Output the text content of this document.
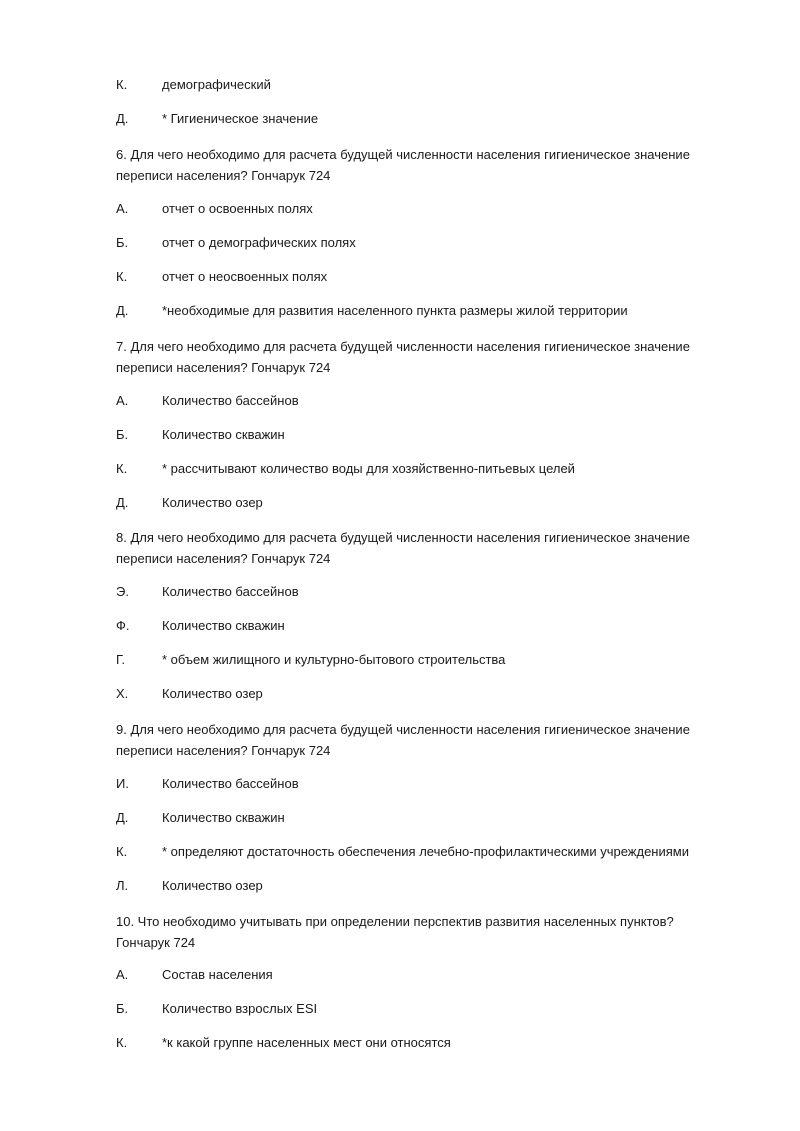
К.	демографический
Д.	* Гигиеническое значение
6. Для чего необходимо для расчета будущей численности населения гигиеническое значение переписи населения? Гончарук 724
А.	отчет о освоенных полях
Б.	отчет о демографических полях
К.	отчет о неосвоенных полях
Д.	*необходимые для развития населенного пункта размеры жилой территории
7. Для чего необходимо для расчета будущей численности населения гигиеническое значение переписи населения? Гончарук 724
А.	Количество бассейнов
Б.	Количество скважин
К.	* рассчитывают количество воды для хозяйственно-питьевых целей
Д.	Количество озер
8. Для чего необходимо для расчета будущей численности населения гигиеническое значение переписи населения? Гончарук 724
Э.	Количество бассейнов
Ф.	Количество скважин
Г.	* объем жилищного и культурно-бытового строительства
Х.	Количество озер
9. Для чего необходимо для расчета будущей численности населения гигиеническое значение переписи населения? Гончарук 724
И.	Количество бассейнов
Д.	Количество скважин
К.	* определяют достаточность обеспечения лечебно-профилактическими учреждениями
Л.	Количество озер
10. Что необходимо учитывать при определении перспектив развития населенных пунктов? Гончарук 724
А.	Состав населения
Б.	Количество взрослых ESI
К.	*к какой группе населенных мест они относятся
